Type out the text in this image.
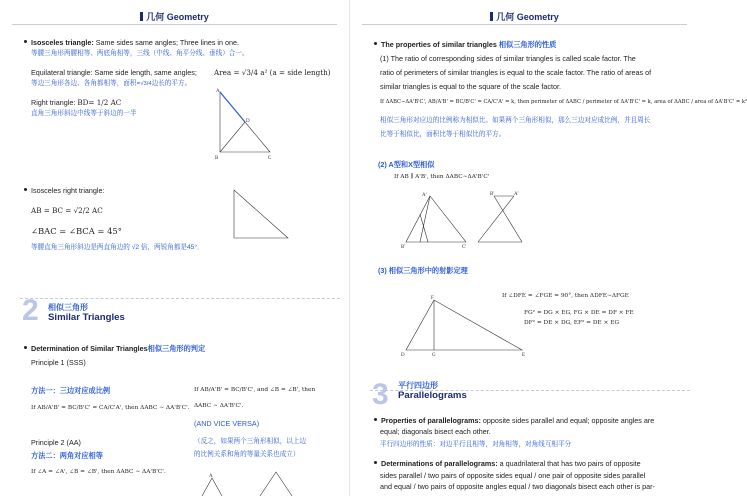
几何 Geometry
Isosceles triangle: Same sides same angles; Three lines in one.
等腰三角形两腰相等、两底角相等，三线（中线、角平分线、垂线）合一。
Equilateral triangle: Same side length, same angles; Area = √3/4 a² (a = side length)
等边三角形各边、各角都相等，面积=√3/4边长的平方。
Right triangle: BD= 1/2 AC
直角三角形斜边中线等于斜边的一半
A
D
B	C
Isosceles right triangle:
AB = BC = √2/2 AC
∠BAC = ∠BCA = 45°
等腰直角三角形斜边是两直角边的 √2 倍，两锐角都是45°．
2 相似三角形
Similar Triangles
Determination of Similar Triangles相似三角形的判定
Principle 1 (SSS)
方法一：三边对应成比例
If AB/A'B' = BC/B'C' = CA/C'A', then ΔABC ∼ ΔA'B'C'.
If AB/A'B' = BC/B'C', and ∠B = ∠B', then
ΔABC ∼ ΔA'B'C'.
(AND VICE VERSA)
（反之，如果两个三角形相似，以上边
的比例关系和角的等量关系也成立）
Principle 2 (AA)
方法二：两角对应相等
If ∠A = ∠A', ∠B = ∠B', then ΔABC ∼ ΔA'B'C'.
A
几何 Geometry
The properties of similar triangles 相似三角形的性质
(1) The ratio of corresponding sides of similar triangles is called scale factor. The
ratio of perimeters of similar triangles is equal to the scale factor. The ratio of areas of
similar triangles is equal to the square of the scale factor.
If ΔABC∼ΔA'B'C', AB/A'B' = BC/B'C' = CA/C'A' = k, then perimeter of ΔABC / perimeter of ΔA'B'C' = k, area of ΔABC / area of ΔA'B'C' = k²
相似三角形对应边的比例称为相似比。如果两个三角形相似，那么三边对应成比例，并且周长
比等于相似比，面积比等于相似比的平方。
(2) A型和X型相似
If AB ∥ A'B', then ΔABC∼ΔA'B'C'
A'
B'	C'
B'	A'
(3) 相似三角形中的射影定理
If ∠DFE = ∠FGE = 90°, then ΔDFE∼ΔFGE
FG² = DG × EG, FG × DE = DF × FE
DF² = DE × DG, EF² = DE × EG
F
D	G	E
3 平行四边形
Parallelograms
Properties of parallelograms: opposite sides parallel and equal; opposite angles are
equal; diagonals bisect each other.
平行四边形的性质：对边平行且相等，对角相等，对角线互相平分
Determinations of parallelograms: a quadrilateral that has two pairs of opposite
sides parallel / two pairs of opposite sides equal / one pair of opposite sides parallel
and equal / two pairs of opposite angles equal / two diagonals bisect each other is par-
